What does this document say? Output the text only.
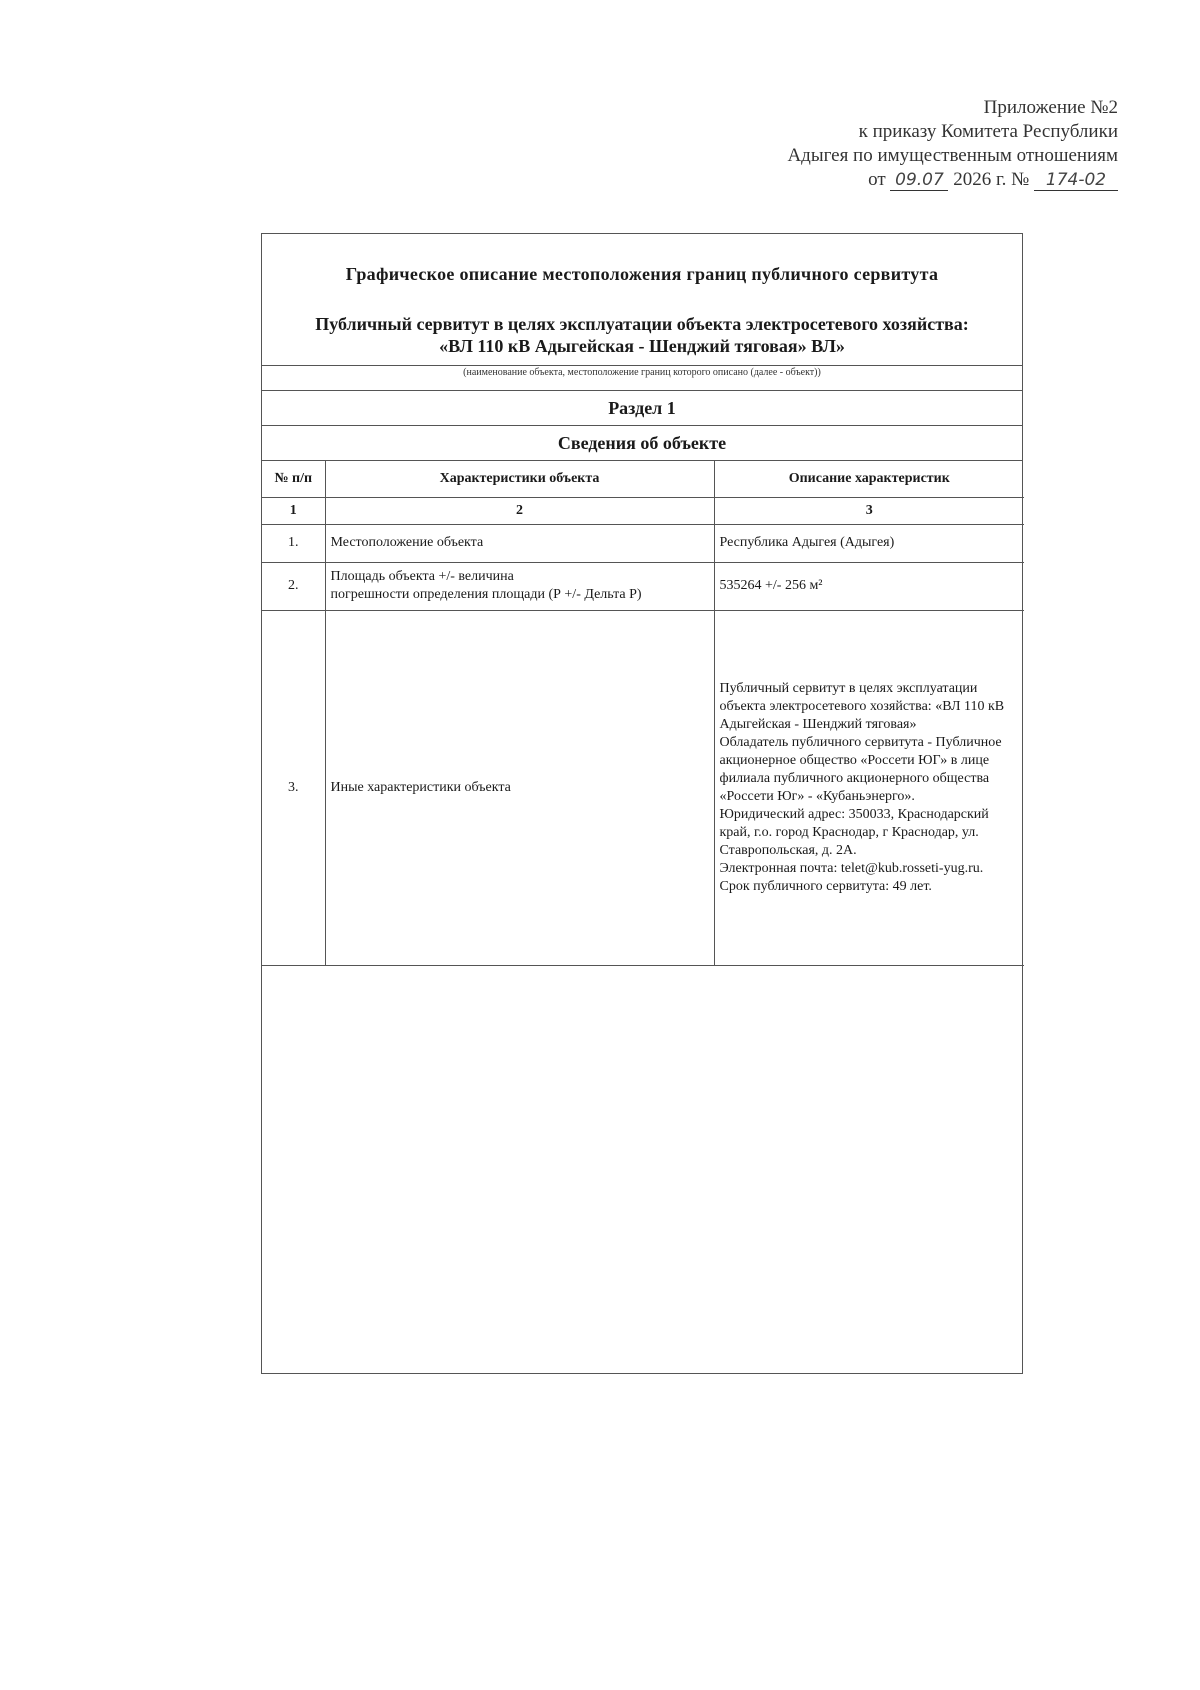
Приложение №2
к приказу Комитета Республики
Адыгея по имущественным отношениям
от 09.07 2026 г. № 174-02
Графическое описание местоположения границ публичного сервитута
Публичный сервитут в целях эксплуатации объекта электросетевого хозяйства: «ВЛ 110 кВ Адыгейская - Шенджий тяговая» ВЛ»
(наименование объекта, местоположение границ которого описано (далее - объект))
Раздел 1
Сведения об объекте
№ п/п	Характеристики объекта	Описание характеристик
1	2	3
1.	Местоположение объекта	Республика Адыгея (Адыгея)
2.	Площадь объекта +/- величина
погрешности определения площади (Р +/- Дельта Р)	535264 +/- 256 м²
3.	Иные характеристики объекта	Публичный сервитут в целях эксплуатации объекта электросетевого хозяйства: «ВЛ 110 кВ Адыгейская - Шенджий тяговая»
Обладатель публичного сервитута - Публичное акционерное общество «Россети ЮГ» в лице филиала публичного акционерного общества «Россети Юг» - «Кубаньэнерго».
Юридический адрес: 350033, Краснодарский край, г.о. город Краснодар, г Краснодар, ул. Ставропольская, д. 2А.
Электронная почта: telet@kub.rosseti-yug.ru.
Срок публичного сервитута: 49 лет.
